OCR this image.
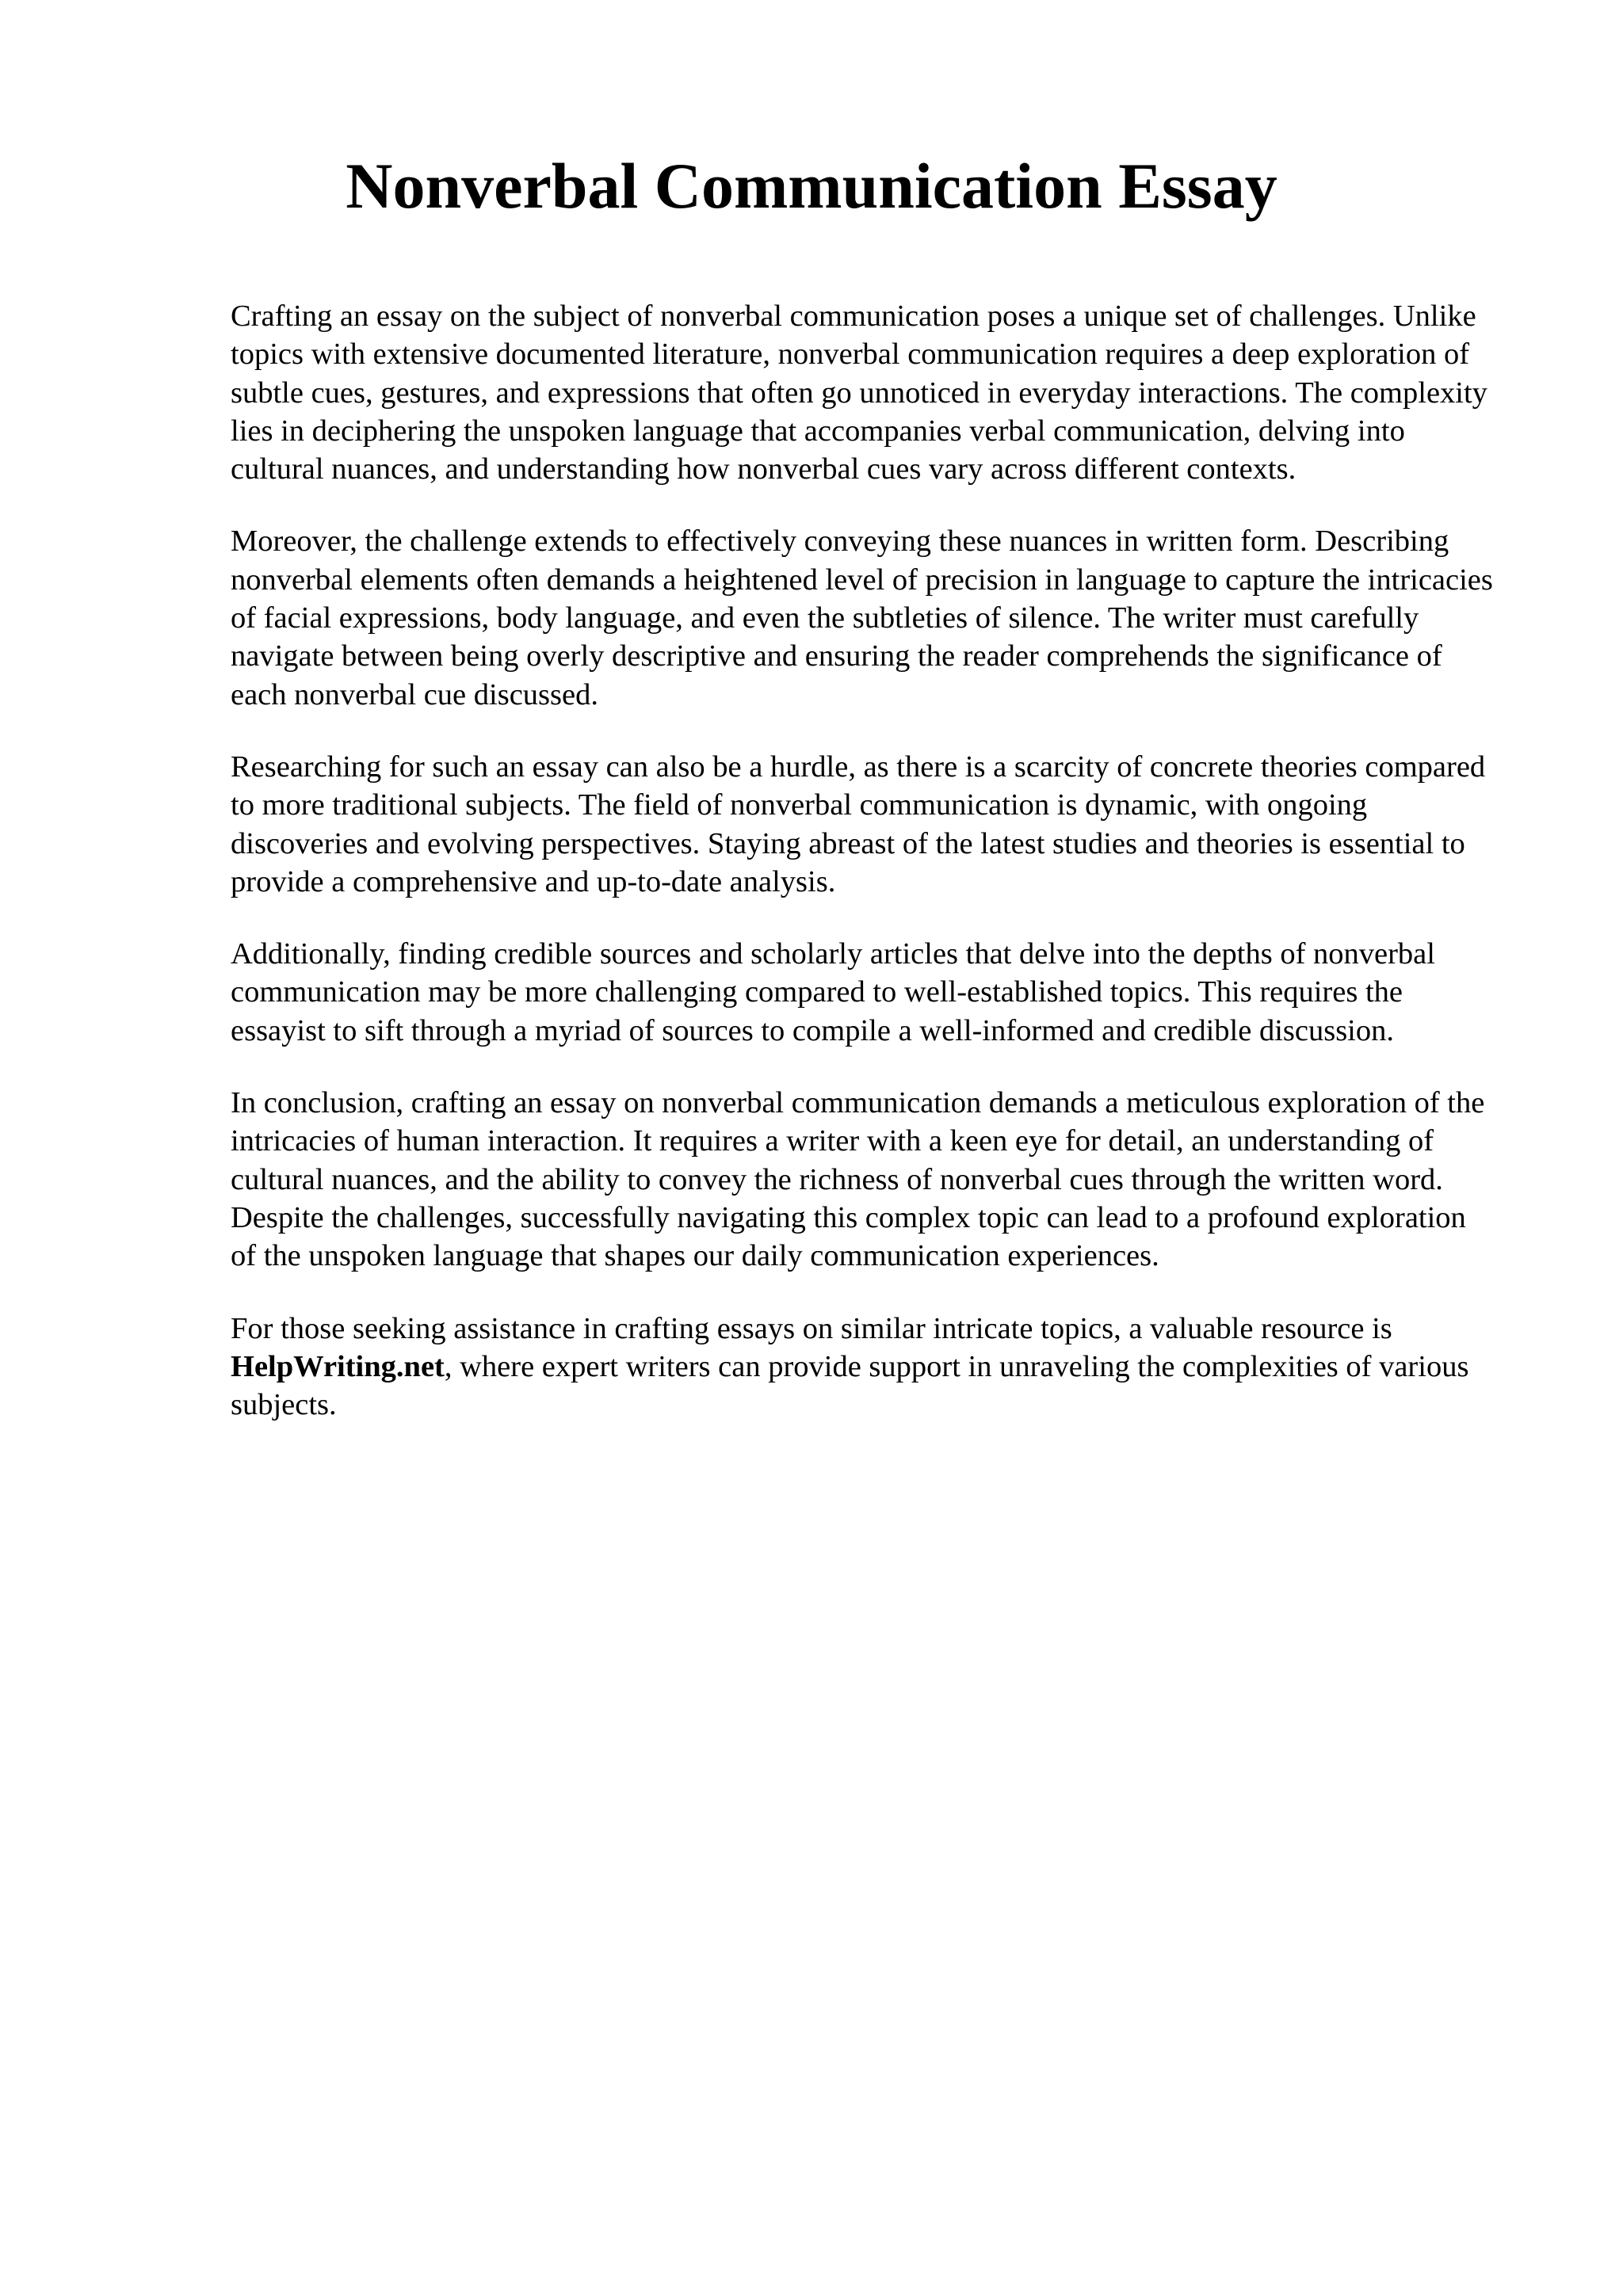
Nonverbal Communication Essay

Crafting an essay on the subject of nonverbal communication poses a unique set of challenges. Unlike topics with extensive documented literature, nonverbal communication requires a deep exploration of subtle cues, gestures, and expressions that often go unnoticed in everyday interactions. The complexity lies in deciphering the unspoken language that accompanies verbal communication, delving into cultural nuances, and understanding how nonverbal cues vary across different contexts.

Moreover, the challenge extends to effectively conveying these nuances in written form. Describing nonverbal elements often demands a heightened level of precision in language to capture the intricacies of facial expressions, body language, and even the subtleties of silence. The writer must carefully navigate between being overly descriptive and ensuring the reader comprehends the significance of each nonverbal cue discussed.

Researching for such an essay can also be a hurdle, as there is a scarcity of concrete theories compared to more traditional subjects. The field of nonverbal communication is dynamic, with ongoing discoveries and evolving perspectives. Staying abreast of the latest studies and theories is essential to provide a comprehensive and up-to-date analysis.

Additionally, finding credible sources and scholarly articles that delve into the depths of nonverbal communication may be more challenging compared to well-established topics. This requires the essayist to sift through a myriad of sources to compile a well-informed and credible discussion.

In conclusion, crafting an essay on nonverbal communication demands a meticulous exploration of the intricacies of human interaction. It requires a writer with a keen eye for detail, an understanding of cultural nuances, and the ability to convey the richness of nonverbal cues through the written word. Despite the challenges, successfully navigating this complex topic can lead to a profound exploration of the unspoken language that shapes our daily communication experiences.

For those seeking assistance in crafting essays on similar intricate topics, a valuable resource is HelpWriting.net, where expert writers can provide support in unraveling the complexities of various subjects.
